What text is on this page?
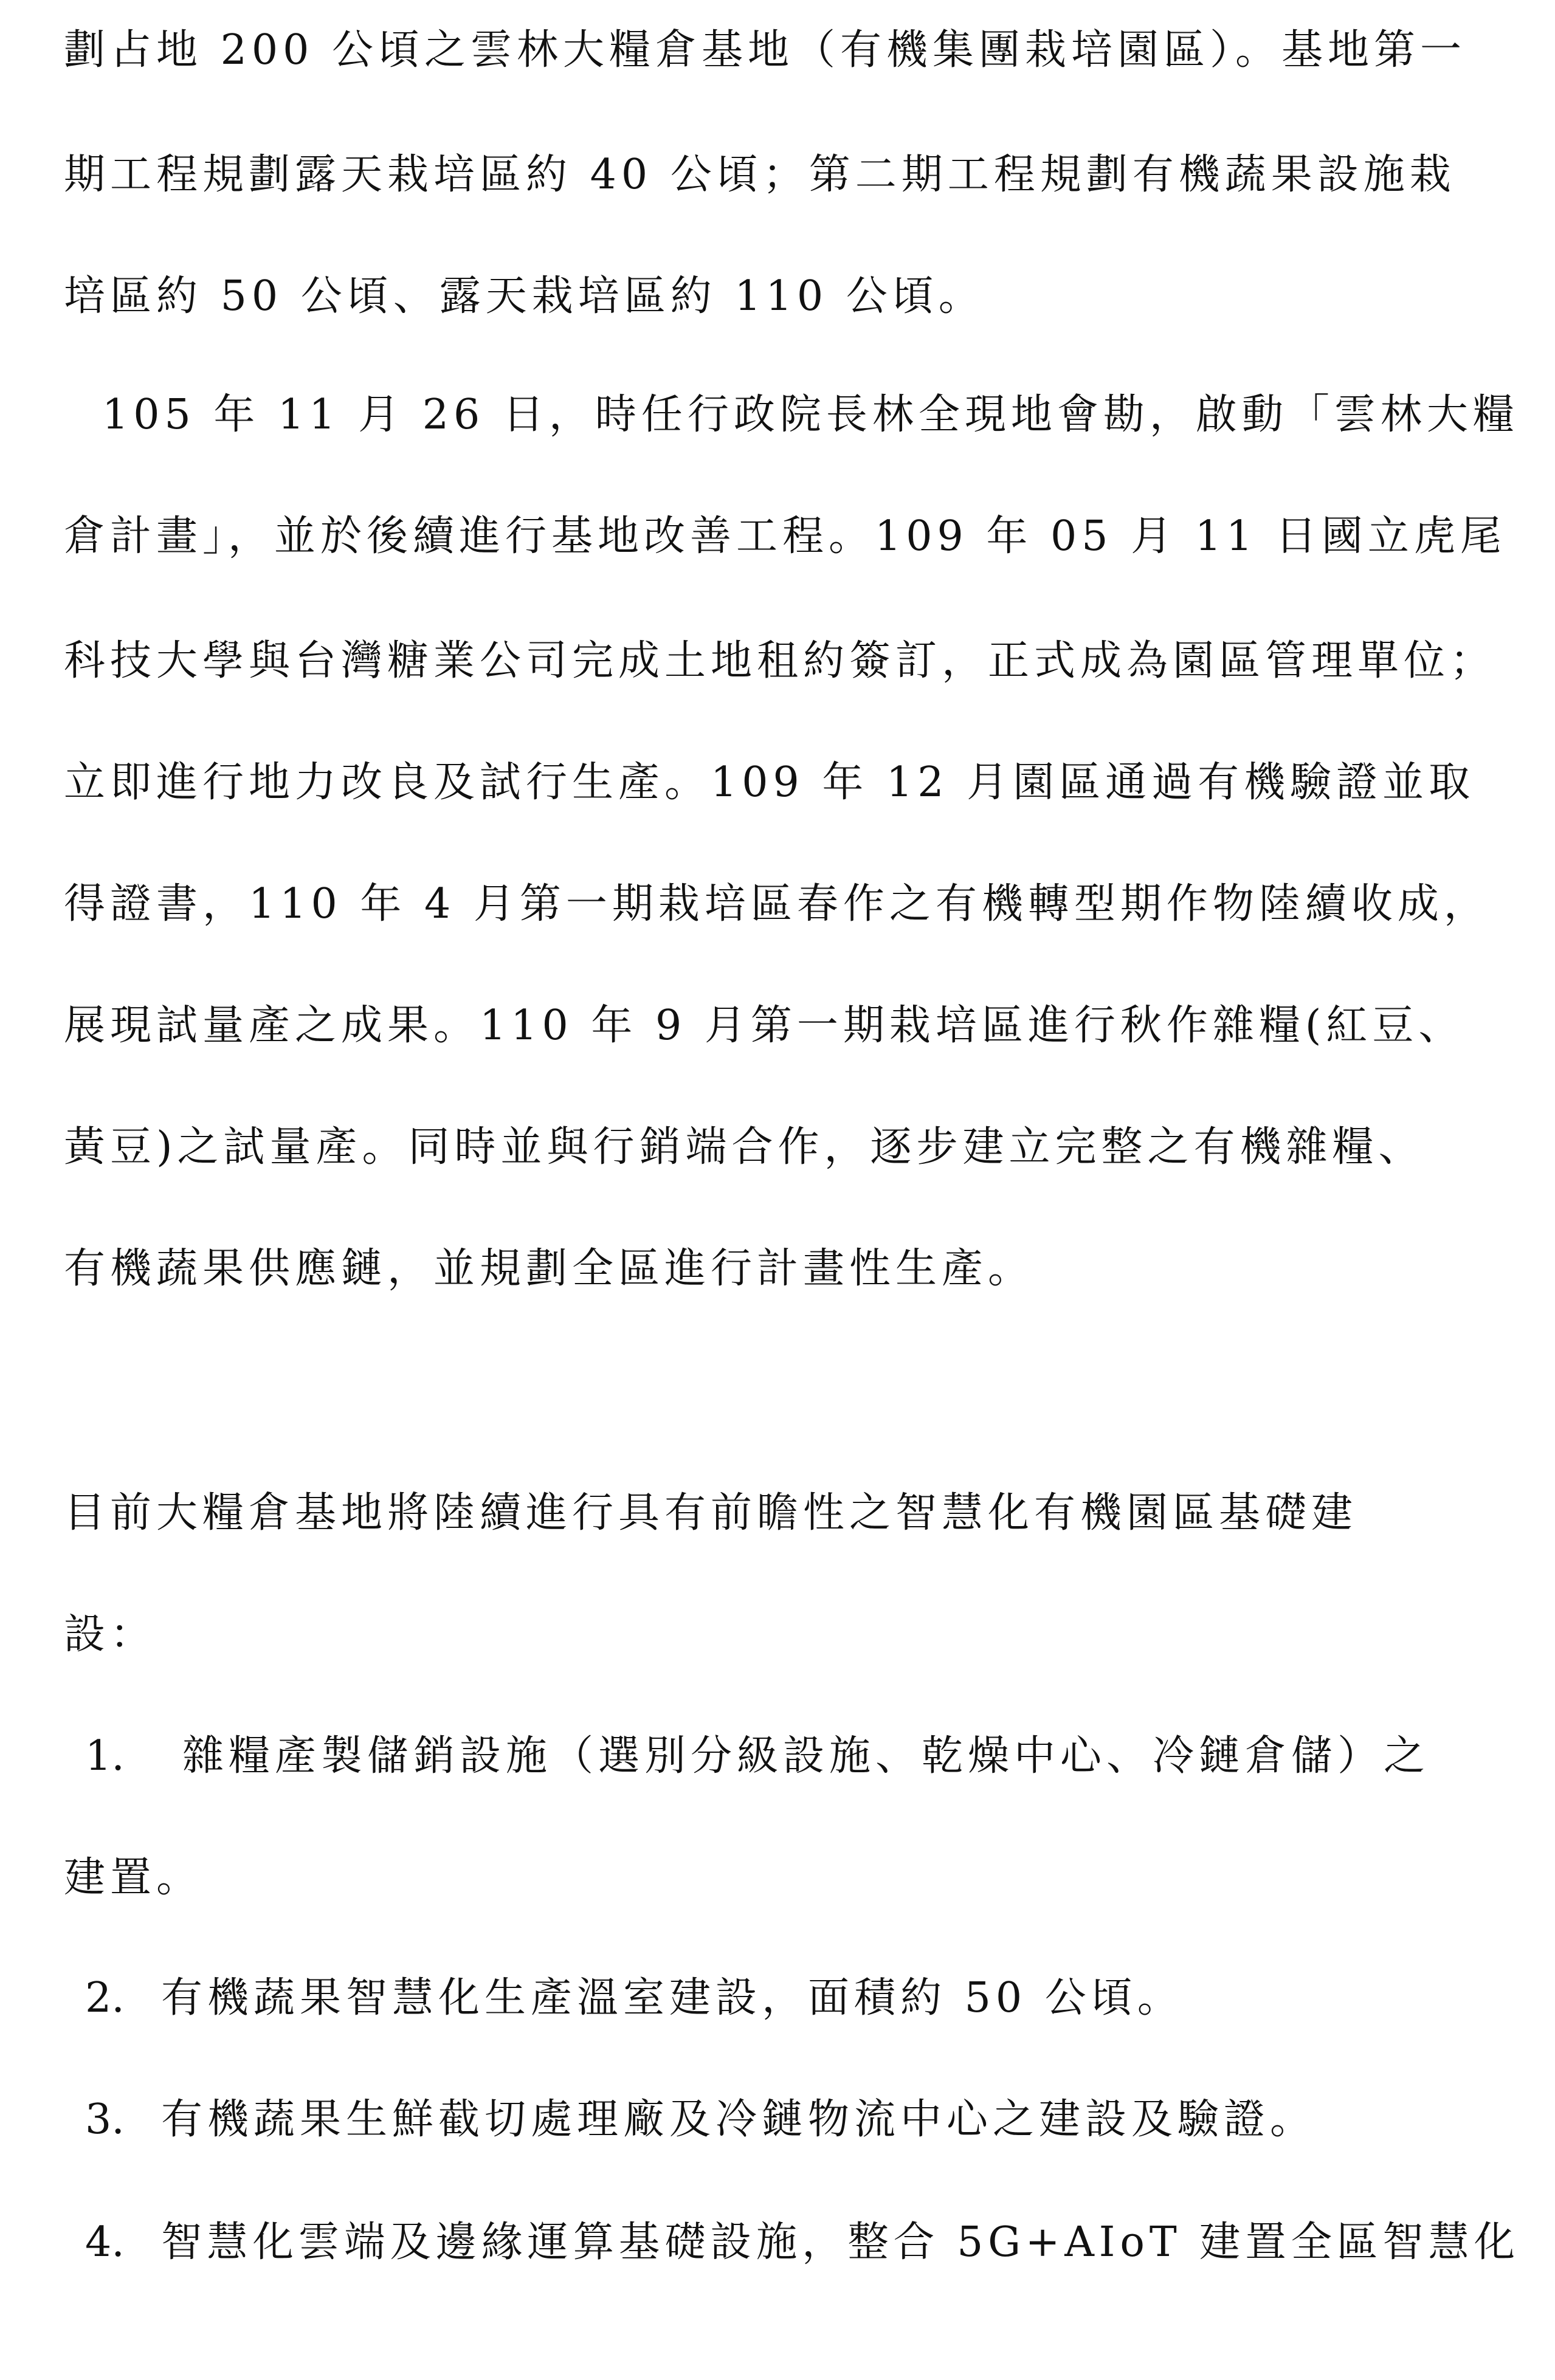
劃占地 200 公頃之雲林大糧倉基地（有機集團栽培園區）。基地第一
期工程規劃露天栽培區約 40 公頃；第二期工程規劃有機蔬果設施栽
培區約 50 公頃、露天栽培區約 110 公頃。
105 年 11 月 26 日，時任行政院長林全現地會勘，啟動「雲林大糧
倉計畫」，並於後續進行基地改善工程。109 年 05 月 11 日國立虎尾
科技大學與台灣糖業公司完成土地租約簽訂，正式成為園區管理單位；
立即進行地力改良及試行生產。109 年 12 月園區通過有機驗證並取
得證書，110 年 4 月第一期栽培區春作之有機轉型期作物陸續收成，
展現試量產之成果。110 年 9 月第一期栽培區進行秋作雜糧(紅豆、
黃豆)之試量產。同時並與行銷端合作，逐步建立完整之有機雜糧、
有機蔬果供應鏈，並規劃全區進行計畫性生產。
目前大糧倉基地將陸續進行具有前瞻性之智慧化有機園區基礎建
設：
1. 雜糧產製儲銷設施（選別分級設施、乾燥中心、冷鏈倉儲）之
建置。
2. 有機蔬果智慧化生產溫室建設，面積約 50 公頃。
3. 有機蔬果生鮮截切處理廠及冷鏈物流中心之建設及驗證。
4. 智慧化雲端及邊緣運算基礎設施，整合 5G+AIoT 建置全區智慧化
